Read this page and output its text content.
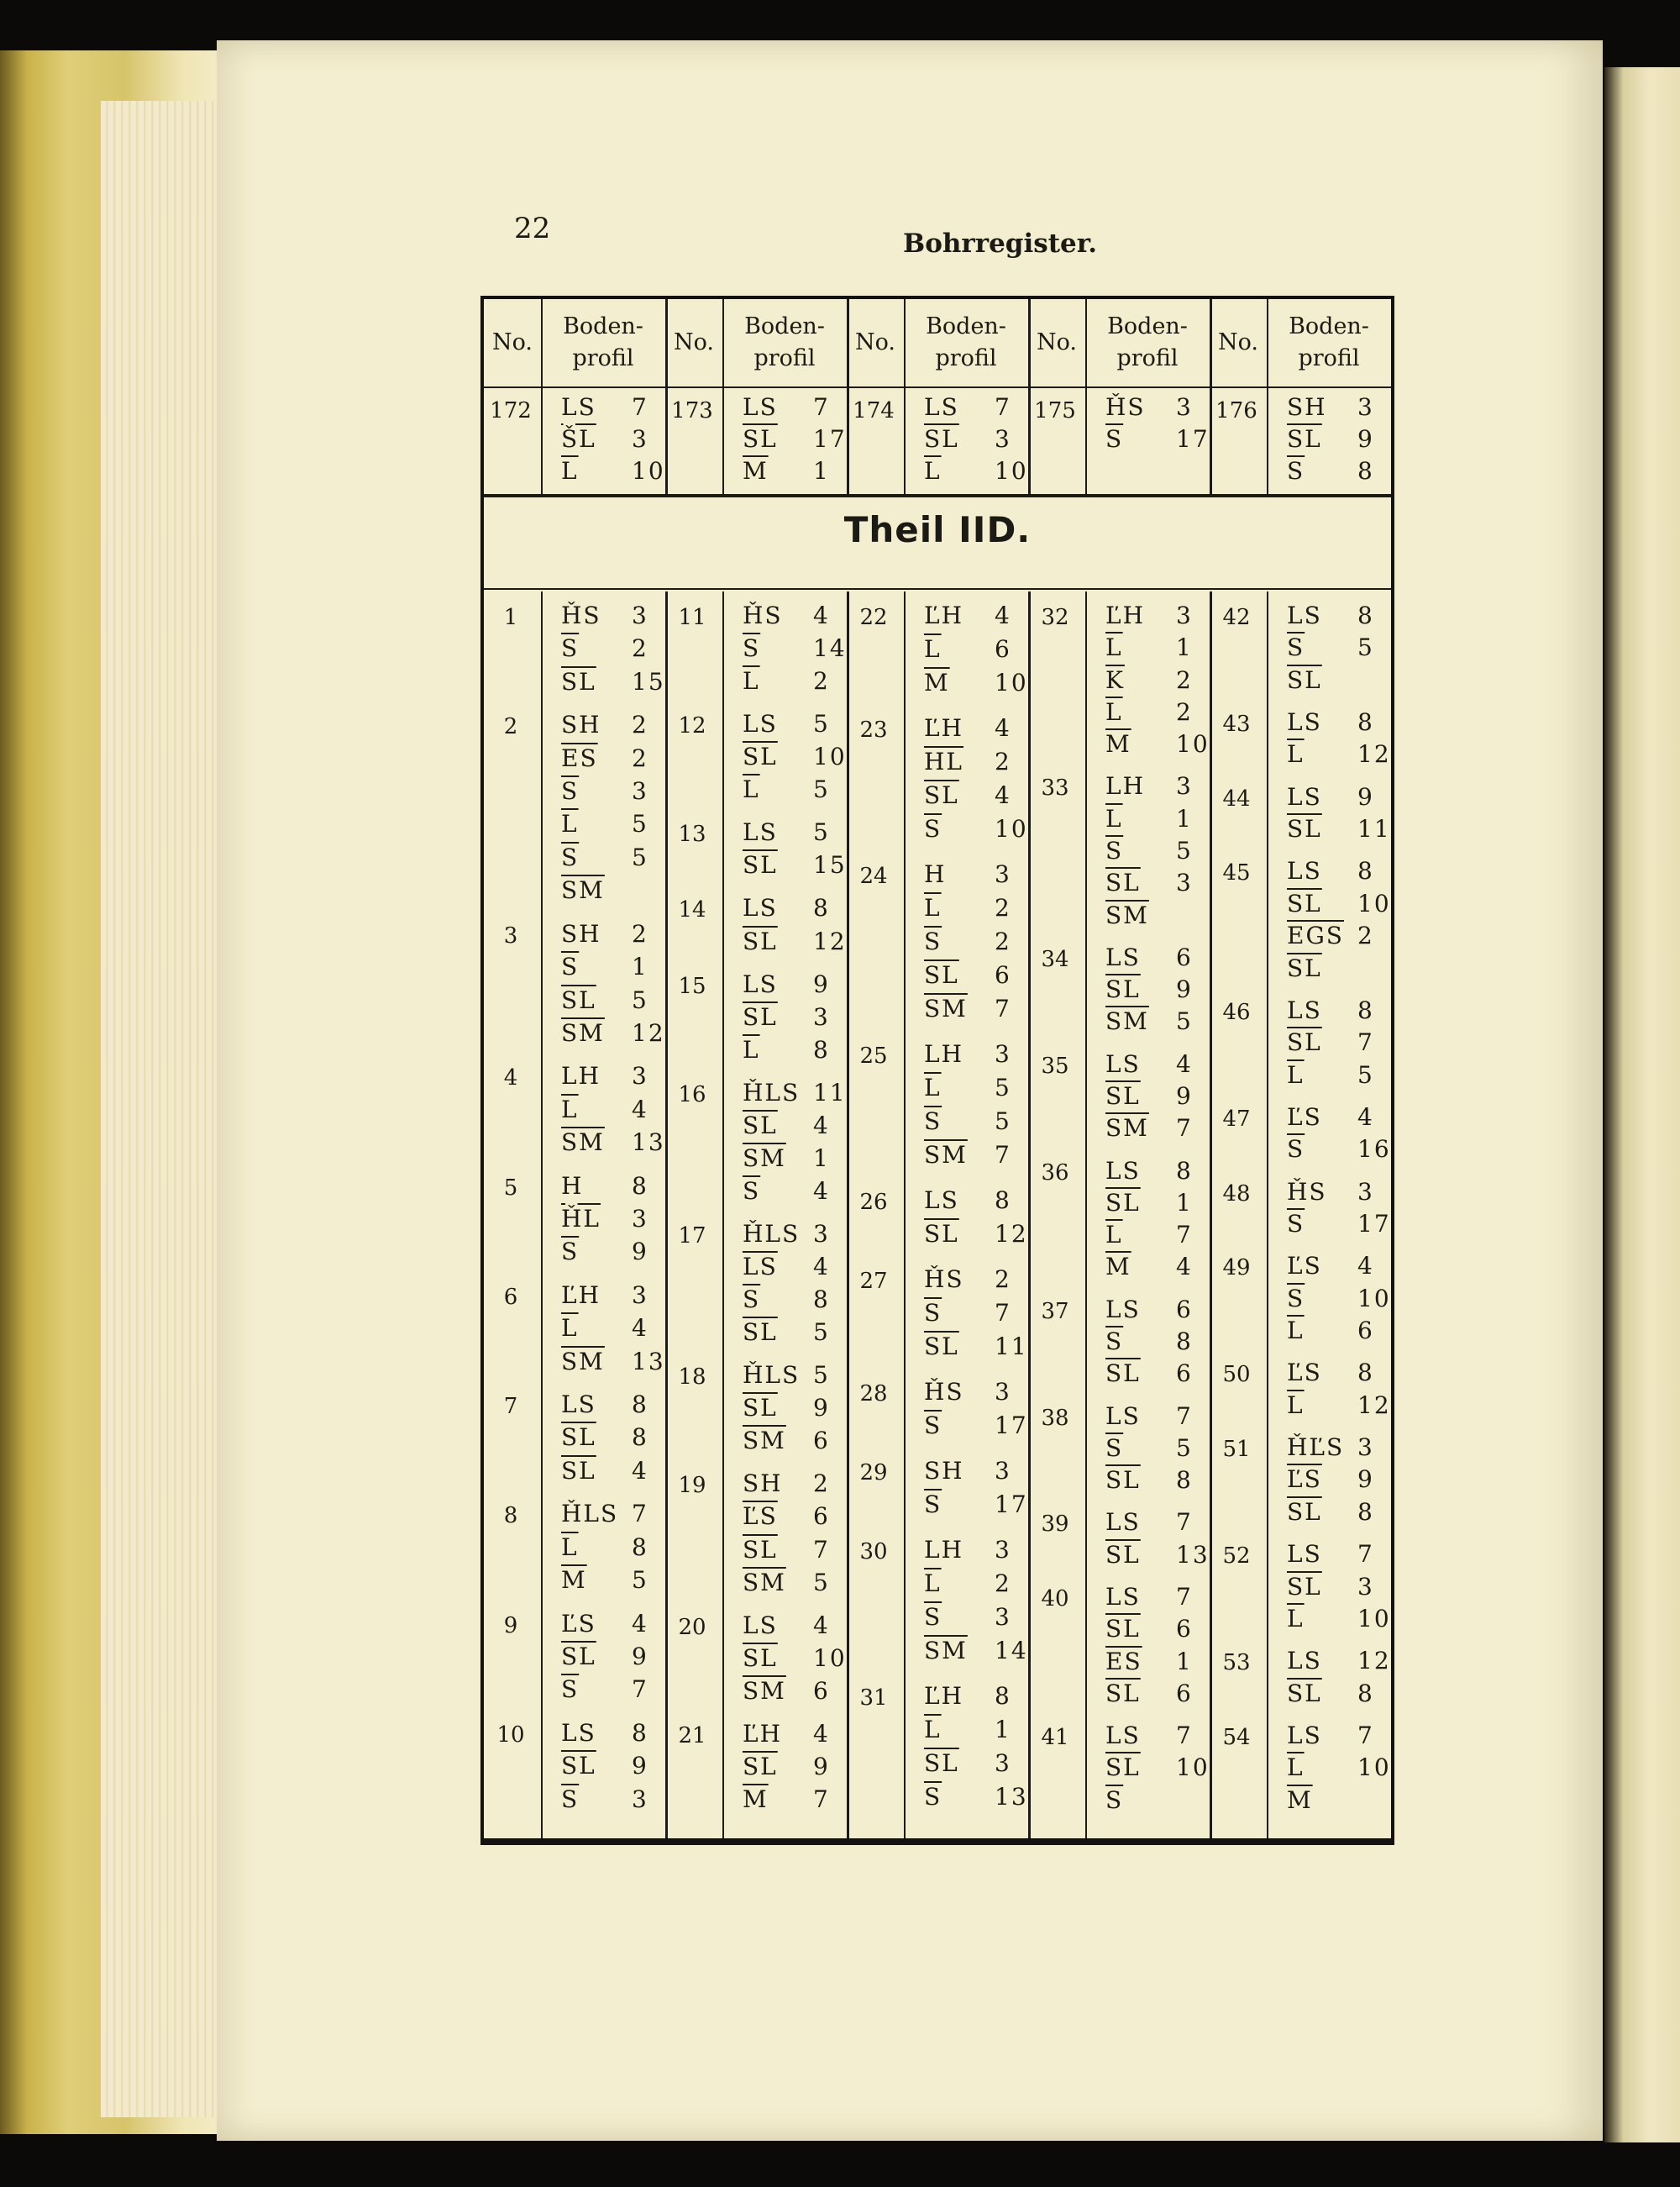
22	Bohrregister.
Theil IID.
No.
Boden-
profil
No.
Boden-
profil
No.
Boden-
profil
No.
Boden-
profil
No.
Boden-
profil
172 LS 7
$\overline{ŠL}$ 3
$\overline{L}$ 10
173 LS 7
$\overline{SL}$ 17
$\overline{M}$ 1
174 LS 7
$\overline{SL}$ 3
$\overline{L}$ 10
175 ȞS 3
$\overline{S}$ 17
176 SH 3
$\overline{SL}$ 9
$\overline{S}$ 8
1	ȞS 3
$\overline{S}$ 2
$\overline{SL}$ 15
2	SH 2
$\overline{ES}$ 2
$\overline{S}$ 3
$\overline{L}$ 5
$\overline{S}$ 5
$\overline{SM}$
3	SH 2
$\overline{S}$ 1
$\overline{SL}$ 5
$\overline{SM}$ 12
4	LH 3
$\overline{L}$ 4
$\overline{SM}$ 13
5	H 8
$\overline{ȞL}$ 3
$\overline{S}$ 9
6	ĽH 3
$\overline{L}$ 4
$\overline{SM}$ 13
7	LS 8
$\overline{SL}$ 8
$\overline{SL}$ 4
8	ȞLS 7
$\overline{L}$ 8
$\overline{M}$ 5
9	ĽS 4
$\overline{SL}$ 9
$\overline{S}$ 7
10	LS 8
$\overline{SL}$ 9
$\overline{S}$ 3
11	ȞS 4
$\overline{S}$ 14
$\overline{L}$ 2
12	LS 5
$\overline{SL}$ 10
$\overline{L}$ 5
13	LS 5
$\overline{SL}$ 15
14	LS 8
$\overline{SL}$ 12
15	LS 9
$\overline{SL}$ 3
$\overline{L}$ 8
16	ȞLS 11
$\overline{SL}$ 4
$\overline{SM}$ 1
$\overline{S}$ 4
17	ȞLS 3
$\overline{LS}$ 4
$\overline{S}$ 8
$\overline{SL}$ 5
18	ȞLS 5
$\overline{SL}$ 9
$\overline{SM}$ 6
19	SH 2
$\overline{ĽS}$ 6
$\overline{SL}$ 7
$\overline{SM}$ 5
20	LS 4
$\overline{SL}$ 10
$\overline{SM}$ 6
21	ĽH 4
$\overline{SL}$ 9
$\overline{M}$ 7
22	ĽH 4
$\overline{L}$ 6
$\overline{M}$ 10
23	ĽH 4
$\overline{HL}$ 2
$\overline{SL}$ 4
$\overline{S}$ 10
24	H 3
$\overline{L}$ 2
$\overline{S}$ 2
$\overline{SL}$ 6
$\overline{SM}$ 7
25	LH 3
$\overline{L}$ 5
$\overline{S}$ 5
$\overline{SM}$ 7
26	LS 8
$\overline{SL}$ 12
27	ȞS 2
$\overline{S}$ 7
$\overline{SL}$ 11
28	ȞS 3
$\overline{S}$ 17
29	SH 3
$\overline{S}$ 17
30	LH 3
$\overline{L}$ 2
$\overline{S}$ 3
$\overline{SM}$ 14
31	ĽH 8
$\overline{L}$ 1
$\overline{SL}$ 3
$\overline{S}$ 13
32	ĽH 3
$\overline{L}$ 1
$\overline{K}$ 2
$\overline{L}$ 2
$\overline{M}$ 10
33	LH 3
$\overline{L}$ 1
$\overline{S}$ 5
$\overline{SL}$ 3
$\overline{SM}$
34	LS 6
$\overline{SL}$ 9
$\overline{SM}$ 5
35	LS 4
$\overline{SL}$ 9
$\overline{SM}$ 7
36	LS 8
$\overline{SL}$ 1
$\overline{L}$ 7
$\overline{M}$ 4
37	LS 6
$\overline{S}$ 8
$\overline{SL}$ 6
38	LS 7
$\overline{S}$ 5
$\overline{SL}$ 8
39	LS 7
$\overline{SL}$ 13
40	LS 7
$\overline{SL}$ 6
$\overline{ES}$ 1
$\overline{SL}$ 6
41	LS 7
$\overline{SL}$ 10
$\overline{S}$
42	LS 8
$\overline{S}$ 5
$\overline{SL}$
43	LS 8
$\overline{L}$ 12
44	LS 9
$\overline{SL}$ 11
45	LS 8
$\overline{SL}$ 10
$\overline{EGS}$ 2
$\overline{SL}$
46	LS 8
$\overline{SL}$ 7
$\overline{L}$ 5
47	ĽS 4
$\overline{S}$ 16
48	ȞS 3
$\overline{S}$ 17
49	ĽS 4
$\overline{S}$ 10
$\overline{L}$ 6
50	ĽS 8
$\overline{L}$ 12
51	ȞĽS 3
$\overline{ĽS}$ 9
$\overline{SL}$ 8
52	LS 7
$\overline{SL}$ 3
$\overline{L}$ 10
53	LS 12
$\overline{SL}$ 8
54	LS 7
$\overline{L}$ 10
$\overline{M}$
